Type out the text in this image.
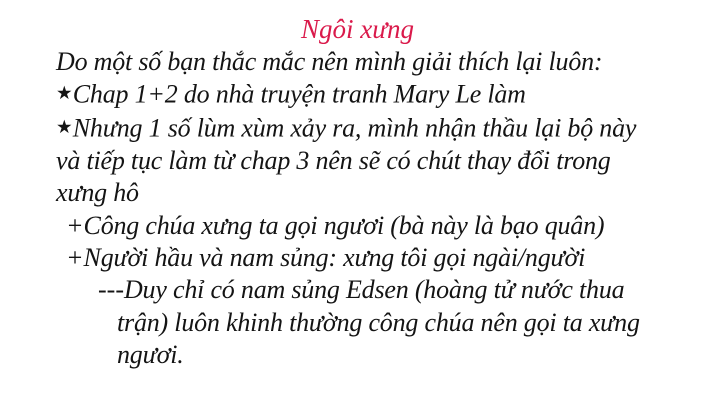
Ngôi xưng
Do một số bạn thắc mắc nên mình giải thích lại luôn:
★Chap 1+2 do nhà truyện tranh Mary Le làm
★Nhưng 1 số lùm xùm xảy ra, mình nhận thầu lại bộ này
và tiếp tục làm từ chap 3 nên sẽ có chút thay đổi trong
xưng hô
+Công chúa xưng ta gọi ngươi (bà này là bạo quân)
+Người hầu và nam sủng: xưng tôi gọi ngài/người
---Duy chỉ có nam sủng Edsen (hoàng tử nước thua
trận) luôn khinh thường công chúa nên gọi ta xưng
ngươi.
